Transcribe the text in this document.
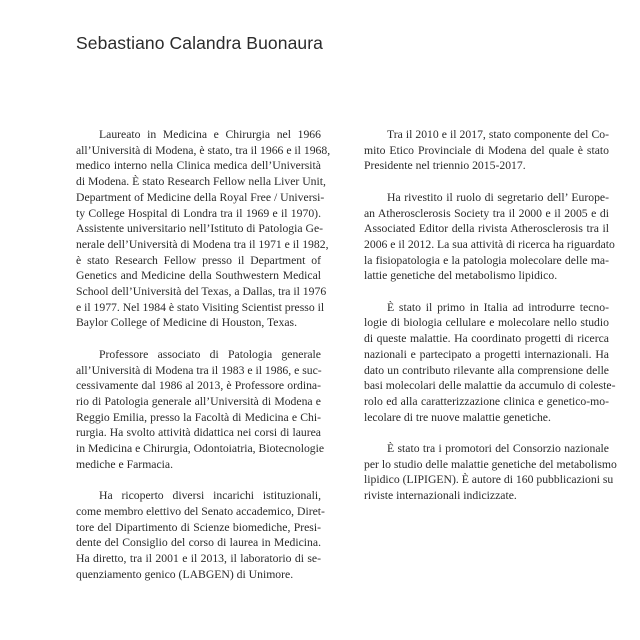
Sebastiano Calandra Buonaura
Laureato in Medicina e Chirurgia nel 1966
all’Università di Modena, è stato, tra il 1966 e il 1968,
medico interno nella Clinica medica dell’Università
di Modena. È stato Research Fellow nella Liver Unit,
Department of Medicine della Royal Free / Universi-
ty College Hospital di Londra tra il 1969 e il 1970).
Assistente universitario nell’Istituto di Patologia Ge-
nerale dell’Università di Modena tra il 1971 e il 1982,
è stato Research Fellow presso il Department of
Genetics and Medicine della Southwestern Medical
School dell’Università del Texas, a Dallas, tra il 1976
e il 1977. Nel 1984 è stato Visiting Scientist presso il
Baylor College of Medicine di Houston, Texas.
Professore associato di Patologia generale
all’Università di Modena tra il 1983 e il 1986, e suc-
cessivamente dal 1986 al 2013, è Professore ordina-
rio di Patologia generale all’Università di Modena e
Reggio Emilia, presso la Facoltà di Medicina e Chi-
rurgia. Ha svolto attività didattica nei corsi di laurea
in Medicina e Chirurgia, Odontoiatria, Biotecnologie
mediche e Farmacia.
Ha ricoperto diversi incarichi istituzionali,
come membro elettivo del Senato accademico, Diret-
tore del Dipartimento di Scienze biomediche, Presi-
dente del Consiglio del corso di laurea in Medicina.
Ha diretto, tra il 2001 e il 2013, il laboratorio di se-
quenziamento genico (LABGEN) di Unimore.
Tra il 2010 e il 2017, stato componente del Co-
mito Etico Provinciale di Modena del quale è stato
Presidente nel triennio 2015-2017.
Ha rivestito il ruolo di segretario dell’ Europe-
an Atherosclerosis Society tra il 2000 e il 2005 e di
Associated Editor della rivista Atherosclerosis tra il
2006 e il 2012. La sua attività di ricerca ha riguardato
la fisiopatologia e la patologia molecolare delle ma-
lattie genetiche del metabolismo lipidico.
È stato il primo in Italia ad introdurre tecno-
logie di biologia cellulare e molecolare nello studio
di queste malattie. Ha coordinato progetti di ricerca
nazionali e partecipato a progetti internazionali. Ha
dato un contributo rilevante alla comprensione delle
basi molecolari delle malattie da accumulo di coleste-
rolo ed alla caratterizzazione clinica e genetico-mo-
lecolare di tre nuove malattie genetiche.
È stato tra i promotori del Consorzio nazionale
per lo studio delle malattie genetiche del metabolismo
lipidico (LIPIGEN). È autore di 160 pubblicazioni su
riviste internazionali indicizzate.
